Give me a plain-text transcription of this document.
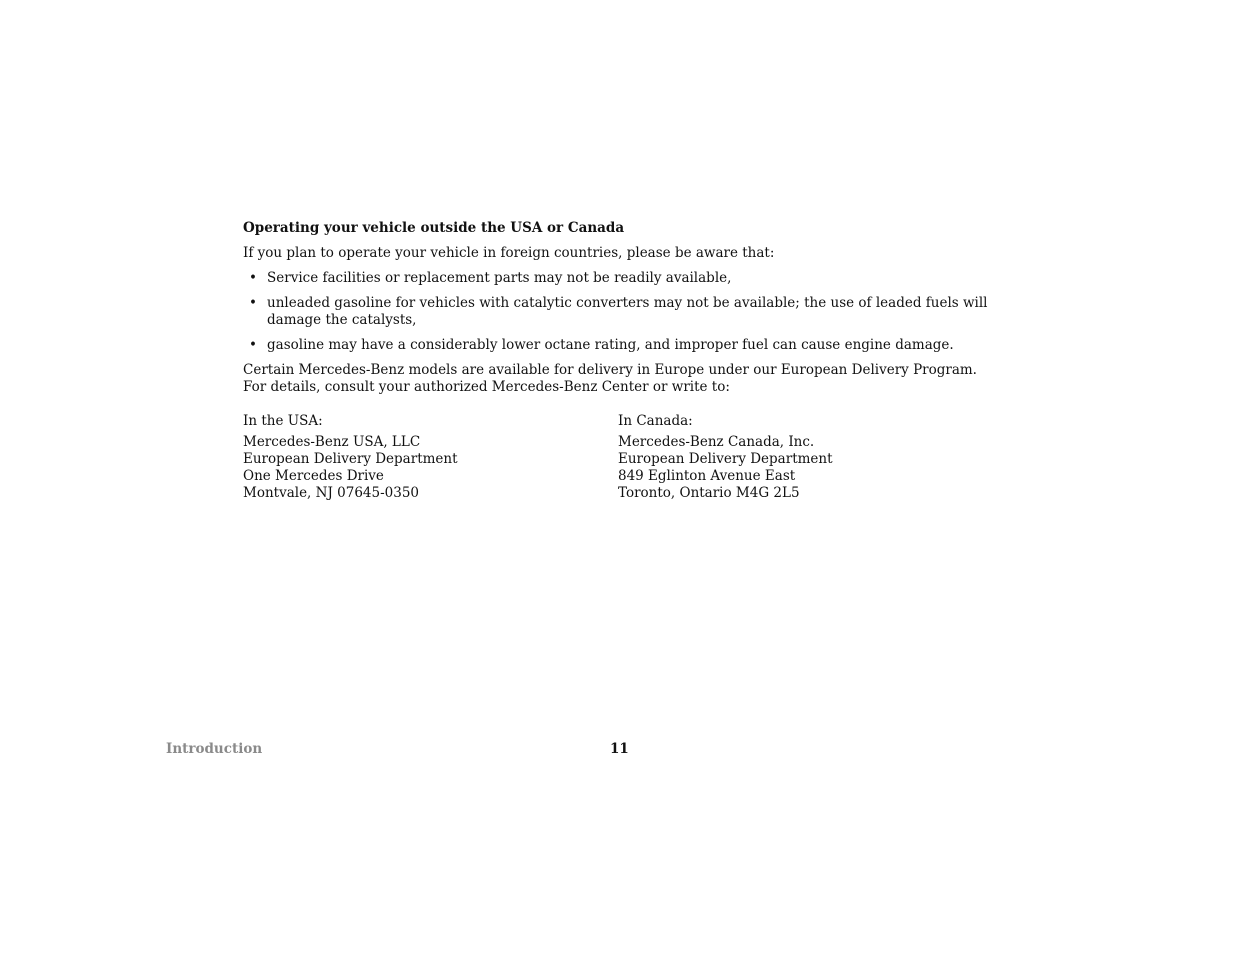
Operating your vehicle outside the USA or Canada
If you plan to operate your vehicle in foreign countries, please be aware that:
• Service facilities or replacement parts may not be readily available,
• unleaded gasoline for vehicles with catalytic converters may not be available; the use of leaded fuels will damage the catalysts,
• gasoline may have a considerably lower octane rating, and improper fuel can cause engine damage.
Certain Mercedes-Benz models are available for delivery in Europe under our European Delivery Program. For details, consult your authorized Mercedes-Benz Center or write to:
In the USA:
Mercedes-Benz USA, LLC
European Delivery Department
One Mercedes Drive
Montvale, NJ 07645-0350
In Canada:
Mercedes-Benz Canada, Inc.
European Delivery Department
849 Eglinton Avenue East
Toronto, Ontario M4G 2L5
Introduction	11
